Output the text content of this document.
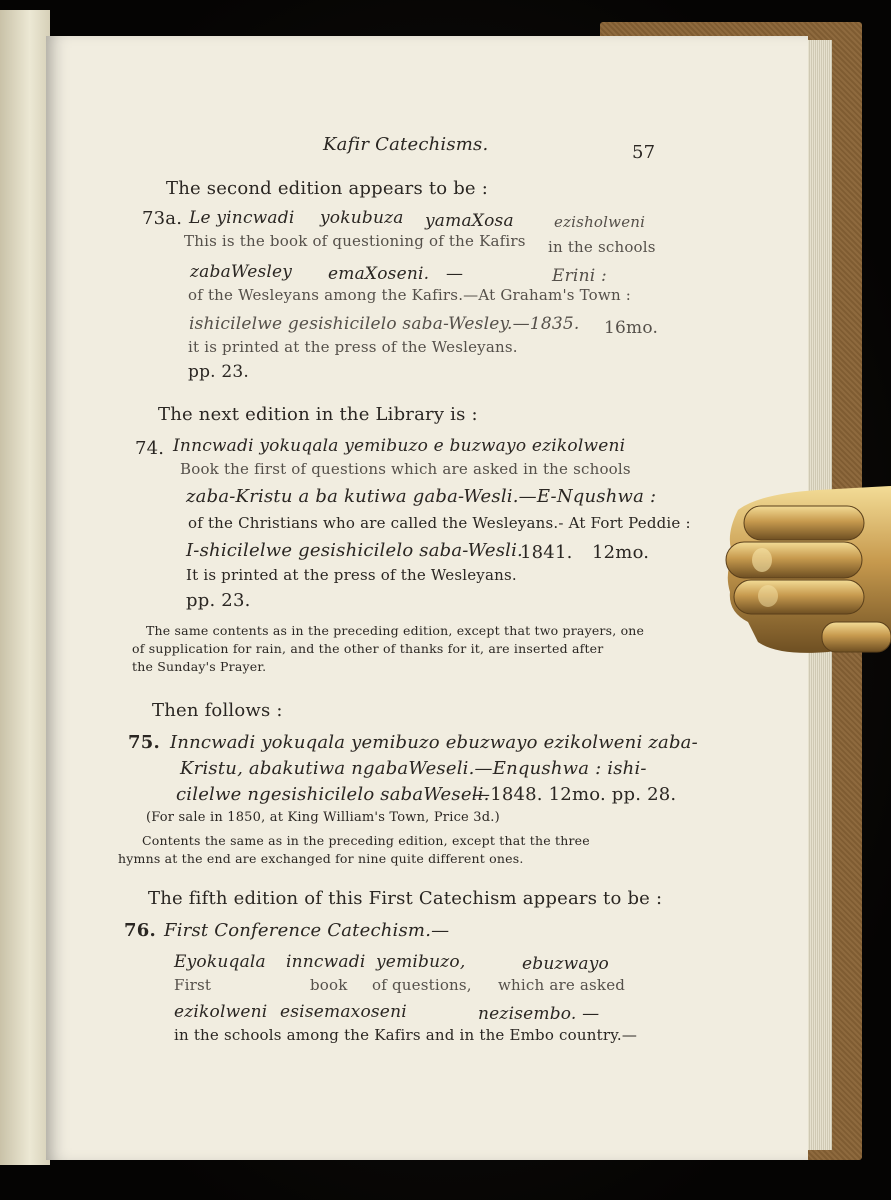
Kafir Catechisms.	57
The second edition appears to be :
73a. Le yincwadi yokubuza yamaXosa	ezisholweni
This is the book of questioning of the Kafirs in the schools
zabaWesley emaXoseni. —	Erini :
of the Wesleyans among the Kafirs.—At Graham's Town :
ishicilelwe gesishicilelo saba-Wesley.—1835. 16mo.
it is printed at the press of the Wesleyans.
pp. 23.
The next edition in the Library is :
74. Inncwadi yokuqala yemibuzo e buzwayo ezikolweni
Book the first of questions which are asked in the schools
zaba-Kristu a ba kutiwa gaba-Wesli.—E-Nqushwa :
of the Christians who are called the Wesleyans.- At Fort Peddie :
I-shicilelwe gesishicilelo saba-Wesli.
1841. 12mo.
It is printed at the press of the Wesleyans.
pp. 23.
The same contents as in the preceding edition, except that two prayers, one
of supplication for rain, and the other of thanks for it, are inserted after
the Sunday's Prayer.
Then follows :
75. Inncwadi yokuqala yemibuzo ebuzwayo ezikolweni zaba-
Kristu, abakutiwa ngabaWeseli.—Enqushwa : ishi-
cilelwe ngesishicilelo sabaWeseli.
—1848. 12mo. pp. 28.
(For sale in 1850, at King William's Town, Price 3d.)
Contents the same as in the preceding edition, except that the three
hymns at the end are exchanged for nine quite different ones.
The fifth edition of this First Catechism appears to be :
76. First Conference Catechism.—
Eyokuqala inncwadi yemibuzo,	ebuzwayo
First	book of questions, which are asked
ezikolweni esisemaxoseni	nezisembo. —
in the schools among the Kafirs and in the Embo country.—
